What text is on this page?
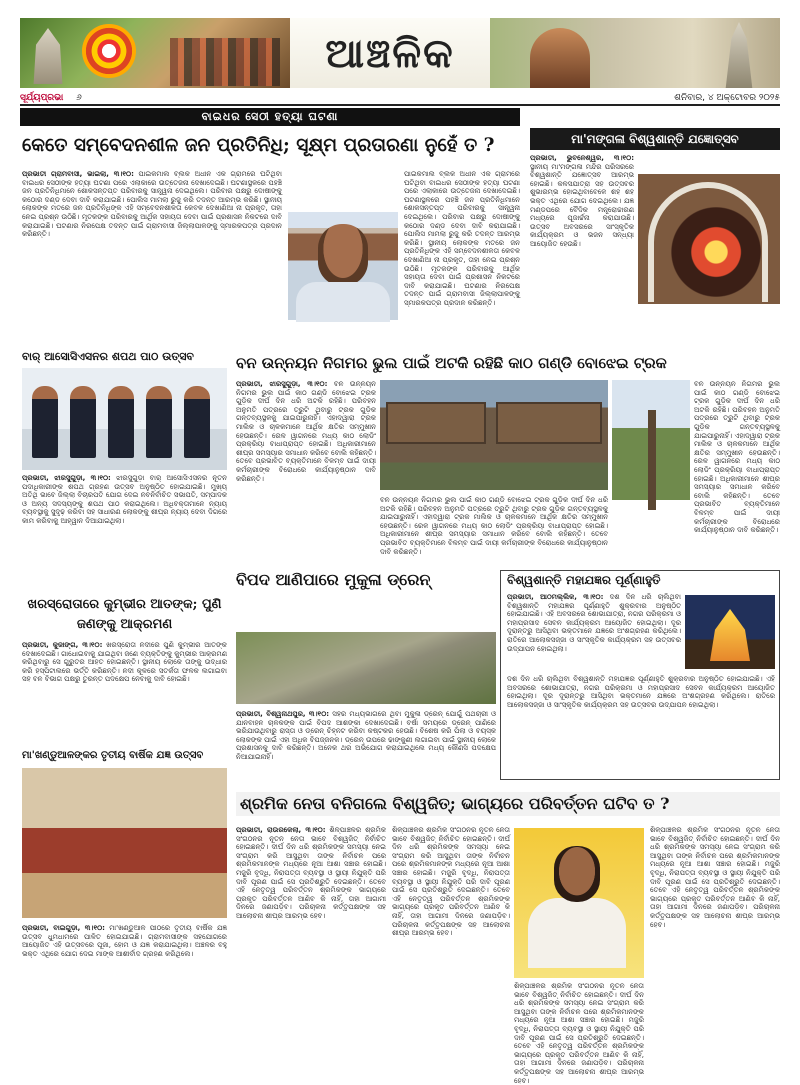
ଆଞ୍ଚଳିକ
ସୂର୍ଯ୍ୟପ୍ରଭା ୬	ଶନିବାର, ୪ ଅକ୍ଟୋବର ୨୦୨୫
ବାଇଧର ସେଠୀ ହତ୍ୟା ଘଟଣା
କେତେ ସମ୍ବେଦନଶୀଳ ଜନ ପ୍ରତିନିଧି; ସୂକ୍ଷ୍ମ ପ୍ରତାରଣା ନୁହେଁ ତ ?
ପ୍ରଭାତୀ ଗ୍ରାମବାସୀ, ଭାଇଲା, ୩।୧୦: ପାଇକମାଲ ବ୍ଲକ ଅଧୀନ ଏକ ଗ୍ରାମରେ ଘଟିଥିବା ବାଇଧର ସେଠୀଙ୍କ ହତ୍ୟା ଘଟଣା ପରେ ଏଲାକାରେ ଉତ୍ତେଜନା ଦେଖାଦେଇଛି। ଘଟଣାସ୍ଥଳରେ ପହଞ୍ଚି ଜନ ପ୍ରତିନିଧିମାନେ ଶୋକସନ୍ତପ୍ତ ପରିବାରକୁ ସାନ୍ତ୍ୱନା ଦେଇଥିଲେ। ପରିବାର ପକ୍ଷରୁ ଦୋଷୀଙ୍କୁ କଠୋର ଦଣ୍ଡ ଦେବା ଦାବି କରାଯାଇଛି। ପୋଲିସ ମାମଲା ରୁଜୁ କରି ତଦନ୍ତ ଆରମ୍ଭ କରିଛି। ସ୍ଥାନୀୟ ଲୋକଙ୍କ ମତରେ ଜନ ପ୍ରତିନିଧିଙ୍କ ଏହି ସମ୍ବେଦନଶୀଳତା କେବଳ ଦେଖାଣିଆ ନା ପ୍ରକୃତ, ତାହା ନେଇ ପ୍ରଶ୍ନ ଉଠିଛି। ମୃତକଙ୍କ ପରିବାରକୁ ଆର୍ଥିକ ସହାୟତା ଦେବା ପାଇଁ ପ୍ରଶାସନ ନିକଟରେ ଦାବି କରାଯାଇଛି। ଘଟଣାର ନିରପେକ୍ଷ ତଦନ୍ତ ପାଇଁ ଗ୍ରାମବାସୀ ଜିଲ୍ଲାପାଳଙ୍କୁ ସ୍ମାରକପତ୍ର ପ୍ରଦାନ କରିଛନ୍ତି।
ପାଇକମାଲ ବ୍ଲକ ଅଧୀନ ଏକ ଗ୍ରାମରେ ଘଟିଥିବା ବାଇଧର ସେଠୀଙ୍କ ହତ୍ୟା ଘଟଣା ପରେ ଏଲାକାରେ ଉତ୍ତେଜନା ଦେଖାଦେଇଛି। ଘଟଣାସ୍ଥଳରେ ପହଞ୍ଚି ଜନ ପ୍ରତିନିଧିମାନେ ଶୋକସନ୍ତପ୍ତ ପରିବାରକୁ ସାନ୍ତ୍ୱନା ଦେଇଥିଲେ। ପରିବାର ପକ୍ଷରୁ ଦୋଷୀଙ୍କୁ କଠୋର ଦଣ୍ଡ ଦେବା ଦାବି କରାଯାଇଛି। ପୋଲିସ ମାମଲା ରୁଜୁ କରି ତଦନ୍ତ ଆରମ୍ଭ କରିଛି। ସ୍ଥାନୀୟ ଲୋକଙ୍କ ମତରେ ଜନ ପ୍ରତିନିଧିଙ୍କ ଏହି ସମ୍ବେଦନଶୀଳତା କେବଳ ଦେଖାଣିଆ ନା ପ୍ରକୃତ, ତାହା ନେଇ ପ୍ରଶ୍ନ ଉଠିଛି। ମୃତକଙ୍କ ପରିବାରକୁ ଆର୍ଥିକ ସହାୟତା ଦେବା ପାଇଁ ପ୍ରଶାସନ ନିକଟରେ ଦାବି କରାଯାଇଛି। ଘଟଣାର ନିରପେକ୍ଷ ତଦନ୍ତ ପାଇଁ ଗ୍ରାମବାସୀ ଜିଲ୍ଲାପାଳଙ୍କୁ ସ୍ମାରକପତ୍ର ପ୍ରଦାନ କରିଛନ୍ତି।
ମା'ମଙ୍ଗଳା ବିଶ୍ୱଶାନ୍ତି ଯଜ୍ଞୋତ୍ସବ
ପ୍ରଭାତୀ, ଭୁବନେଶ୍ୱର, ୩।୧୦: ସ୍ଥାନୀୟ ମା'ମଙ୍ଗଳା ମନ୍ଦିର ପରିସରରେ ବିଶ୍ୱଶାନ୍ତି ଯଜ୍ଞୋତ୍ସବ ଆରମ୍ଭ ହୋଇଛି। କଳସଯାତ୍ରା ସହ ଉତ୍ସବର ଶୁଭାରମ୍ଭ ହୋଇଥିବାବେଳେ ଶହ ଶହ ଭକ୍ତ ଏଥିରେ ଯୋଗ ଦେଇଥିଲେ। ଯଜ୍ଞ ମଣ୍ଡପରେ ବୈଦିକ ମନ୍ତ୍ରୋଚ୍ଚାରଣ ମଧ୍ୟରେ ପୂଜାର୍ଚ୍ଚନା କରାଯାଉଛି। ଉତ୍ସବ ଅବସରରେ ସାଂସ୍କୃତିକ କାର୍ଯ୍ୟକ୍ରମ ଓ ଭଜନ ସନ୍ଧ୍ୟା ଆୟୋଜିତ ହେଉଛି।
ବାର୍ ଆସୋସିଏସନର ଶପଥ ପାଠ ଉତ୍ସବ
ପ୍ରଭାତୀ, ଝାରସୁଗୁଡ଼ା, ୩।୧୦: ଝାରସୁଗୁଡ଼ା ବାର୍ ଆସୋସିଏସନର ନୂତନ ପଦାଧିକାରୀଙ୍କ ଶପଥ ଗ୍ରହଣ ଉତ୍ସବ ଅନୁଷ୍ଠିତ ହୋଇଯାଇଛି। ମୁଖ୍ୟ ଅତିଥି ଭାବେ ଜିଲ୍ଲା ବିଚାରପତି ଯୋଗ ଦେଇ ନବନିର୍ବାଚିତ ସଭାପତି, ସମ୍ପାଦକ ଓ ଅନ୍ୟ ସଦସ୍ୟଙ୍କୁ ଶପଥ ପାଠ କରାଇଥିଲେ। ଅଧିବକ୍ତାମାନେ ନ୍ୟାୟ ବ୍ୟବସ୍ଥାକୁ ସୁଦୃଢ଼ କରିବା ସହ ସାଧାରଣ ଲୋକଙ୍କୁ ଶୀଘ୍ର ନ୍ୟାୟ ଦେବା ଦିଗରେ କାମ କରିବାକୁ ଆହ୍ୱାନ ଦିଆଯାଇଥିଲା।
ଖରସ୍ରୋତାରେ କୁମ୍ଭୀର ଆତଙ୍କ; ପୁଣି ଜଣଙ୍କୁ ଆକ୍ରମଣ
ପ୍ରଭାତୀ, କୁଜାଙ୍ଗ, ୩।୧୦: ଖରସ୍ରୋତା ନଦୀରେ ପୁଣି କୁମ୍ଭୀର ଆତଙ୍କ ଦେଖାଦେଇଛି। ଗାଧୋଇବାକୁ ଯାଇଥିବା ଜଣେ ବ୍ୟକ୍ତିଙ୍କୁ କୁମ୍ଭୀର ଆକ୍ରମଣ କରିଥିବାରୁ ସେ ଗୁରୁତର ଆହତ ହୋଇଛନ୍ତି। ସ୍ଥାନୀୟ ଲୋକେ ତାଙ୍କୁ ଉଦ୍ଧାର କରି ହସ୍ପିଟାଲରେ ଭର୍ତ୍ତି କରିଛନ୍ତି। ନଦୀ କୂଳରେ ସତର୍କତା ଫଳକ ଲଗାଇବା ସହ ବନ ବିଭାଗ ପକ୍ଷରୁ ତୁରନ୍ତ ପଦକ୍ଷେପ ନେବାକୁ ଦାବି ହୋଇଛି।
ମା'ଖଣ୍ଡୁଆଳଙ୍କର ତୃତୀୟ ବାର୍ଷିକ ଯଜ୍ଞ ଉତ୍ସବ
ପ୍ରଭାତୀ, ବାଇଗୁଡ଼ା, ୩।୧୦: ମା'ଖଣ୍ଡୁଆଳ ପୀଠରେ ତୃତୀୟ ବାର୍ଷିକ ଯଜ୍ଞ ଉତ୍ସବ ଧୁମଧାମରେ ପାଳିତ ହୋଇଯାଇଛି। ଗ୍ରାମବାସୀଙ୍କ ସହଯୋଗରେ ଆୟୋଜିତ ଏହି ଉତ୍ସବରେ ପୂଜା, ହୋମ ଓ ଯଜ୍ଞ କରାଯାଇଥିଲା। ଅଞ୍ଚଳର ବହୁ ଭକ୍ତ ଏଥିରେ ଯୋଗ ଦେଇ ମାଙ୍କ ଆଶୀର୍ବାଦ ଗ୍ରହଣ କରିଥିଲେ।
ବନ ଉନ୍ନୟନ ନିଗମର ଭୁଲ ପାଇଁ ଅଟକି ରହିଛି କାଠ ଗଣ୍ଡି ବୋଝେଇ ଟ୍ରକ
ପ୍ରଭାତୀ, ଝାରସୁଗୁଡ଼ା, ୩।୧୦: ବନ ଉନ୍ନୟନ ନିଗମର ଭୁଲ ପାଇଁ କାଠ ଗଣ୍ଡି ବୋଝେଇ ଟ୍ରକ ଗୁଡ଼ିକ ଦୀର୍ଘ ଦିନ ଧରି ଅଟକି ରହିଛି। ପରିବହନ ଅନୁମତି ପତ୍ରରେ ତ୍ରୁଟି ଥିବାରୁ ଟ୍ରକ ଗୁଡ଼ିକ ଗନ୍ତବ୍ୟସ୍ଥଳକୁ ଯାଇପାରୁନାହିଁ। ଏହାଦ୍ୱାରା ଟ୍ରକ ମାଲିକ ଓ ଚାଳକମାନେ ଆର୍ଥିକ କ୍ଷତିର ସମ୍ମୁଖୀନ ହେଉଛନ୍ତି। ରେଳ ୱାଗନରେ ମଧ୍ୟ କାଠ ଲୋଡିଂ ପ୍ରକ୍ରିୟା ବାଧାପ୍ରାପ୍ତ ହୋଇଛି। ଅଧିକାରୀମାନେ ଶୀଘ୍ର ସମସ୍ୟାର ସମାଧାନ କରିବେ ବୋଲି କହିଛନ୍ତି। ତେବେ ପ୍ରଭାବିତ ବ୍ୟକ୍ତିମାନେ ବିଳମ୍ବ ପାଇଁ ଦାୟୀ କର୍ମଚାରୀଙ୍କ ବିରୋଧରେ କାର୍ଯ୍ୟାନୁଷ୍ଠାନ ଦାବି କରିଛନ୍ତି।
ବନ ଉନ୍ନୟନ ନିଗମର ଭୁଲ ପାଇଁ କାଠ ଗଣ୍ଡି ବୋଝେଇ ଟ୍ରକ ଗୁଡ଼ିକ ଦୀର୍ଘ ଦିନ ଧରି ଅଟକି ରହିଛି। ପରିବହନ ଅନୁମତି ପତ୍ରରେ ତ୍ରୁଟି ଥିବାରୁ ଟ୍ରକ ଗୁଡ଼ିକ ଗନ୍ତବ୍ୟସ୍ଥଳକୁ ଯାଇପାରୁନାହିଁ। ଏହାଦ୍ୱାରା ଟ୍ରକ ମାଲିକ ଓ ଚାଳକମାନେ ଆର୍ଥିକ କ୍ଷତିର ସମ୍ମୁଖୀନ ହେଉଛନ୍ତି। ରେଳ ୱାଗନରେ ମଧ୍ୟ କାଠ ଲୋଡିଂ ପ୍ରକ୍ରିୟା ବାଧାପ୍ରାପ୍ତ ହୋଇଛି। ଅଧିକାରୀମାନେ ଶୀଘ୍ର ସମସ୍ୟାର ସମାଧାନ କରିବେ ବୋଲି କହିଛନ୍ତି। ତେବେ ପ୍ରଭାବିତ ବ୍ୟକ୍ତିମାନେ ବିଳମ୍ବ ପାଇଁ ଦାୟୀ କର୍ମଚାରୀଙ୍କ ବିରୋଧରେ କାର୍ଯ୍ୟାନୁଷ୍ଠାନ ଦାବି କରିଛନ୍ତି।
ବନ ଉନ୍ନୟନ ନିଗମର ଭୁଲ ପାଇଁ କାଠ ଗଣ୍ଡି ବୋଝେଇ ଟ୍ରକ ଗୁଡ଼ିକ ଦୀର୍ଘ ଦିନ ଧରି ଅଟକି ରହିଛି। ପରିବହନ ଅନୁମତି ପତ୍ରରେ ତ୍ରୁଟି ଥିବାରୁ ଟ୍ରକ ଗୁଡ଼ିକ ଗନ୍ତବ୍ୟସ୍ଥଳକୁ ଯାଇପାରୁନାହିଁ। ଏହାଦ୍ୱାରା ଟ୍ରକ ମାଲିକ ଓ ଚାଳକମାନେ ଆର୍ଥିକ କ୍ଷତିର ସମ୍ମୁଖୀନ ହେଉଛନ୍ତି। ରେଳ ୱାଗନରେ ମଧ୍ୟ କାଠ ଲୋଡିଂ ପ୍ରକ୍ରିୟା ବାଧାପ୍ରାପ୍ତ ହୋଇଛି। ଅଧିକାରୀମାନେ ଶୀଘ୍ର ସମସ୍ୟାର ସମାଧାନ କରିବେ ବୋଲି କହିଛନ୍ତି। ତେବେ ପ୍ରଭାବିତ ବ୍ୟକ୍ତିମାନେ ବିଳମ୍ବ ପାଇଁ ଦାୟୀ କର୍ମଚାରୀଙ୍କ ବିରୋଧରେ କାର୍ଯ୍ୟାନୁଷ୍ଠାନ ଦାବି କରିଛନ୍ତି।
ବିପଦ ଆଣିପାରେ ମୁକୁଳା ଡ୍ରେନ୍
ପ୍ରଭାତୀ, ବିଶ୍ୱନାଥପୁର, ୩।୧୦: ସହର ମଧ୍ୟଭାଗରେ ଥିବା ମୁକୁଳା ଡ୍ରେନ୍ ଯୋଗୁଁ ପଥଚାରୀ ଓ ଯାନବାହନ ଚାଳକଙ୍କ ପାଇଁ ବିପଦ ଆଶଙ୍କା ଦେଖାଦେଇଛି। ବର୍ଷା ସମୟରେ ଡ୍ରେନ୍ ପାଣିରେ ଭରିଯାଉଥିବାରୁ ରାସ୍ତା ଓ ଡ୍ରେନ୍ ଚିହ୍ନଟ କରିବା କଷ୍ଟକର ହେଉଛି। ବିଶେଷ କରି ପିଲା ଓ ବୟସ୍କ ଲୋକଙ୍କ ପାଇଁ ଏହା ଅଧିକ ବିପଜ୍ଜନକ। ଡ୍ରେନ୍ ଉପରେ ଢାଙ୍କୁଣୀ ଲଗାଇବା ପାଇଁ ସ୍ଥାନୀୟ ଲୋକେ ପ୍ରଶାସନକୁ ଦାବି କରିଛନ୍ତି। ଅନେକ ଥର ଅଭିଯୋଗ କରାଯାଇଥିଲେ ମଧ୍ୟ କୌଣସି ପଦକ୍ଷେପ ନିଆଯାଇନାହିଁ।
ବିଶ୍ୱଶାନ୍ତି ମହାଯଜ୍ଞର ପୂର୍ଣ୍ଣାହୁତି
ପ୍ରଭାତୀ, ଆଠମଲ୍ଲିକ, ୩।୧୦: ଦଶ ଦିନ ଧରି ଚାଲିଥିବା ବିଶ୍ୱଶାନ୍ତି ମହାଯଜ୍ଞର ପୂର୍ଣ୍ଣାହୁତି ଶୁକ୍ରବାର ଅନୁଷ୍ଠିତ ହୋଇଯାଇଛି। ଏହି ଅବସରରେ ଶୋଭାଯାତ୍ରା, ନଗର ପରିକ୍ରମା ଓ ମହାପ୍ରସାଦ ସେବନ କାର୍ଯ୍ୟକ୍ରମ ଆୟୋଜିତ ହୋଇଥିଲା। ଦୂର ଦୂରାନ୍ତରୁ ଆସିଥିବା ଭକ୍ତମାନେ ଯଜ୍ଞରେ ଅଂଶଗ୍ରହଣ କରିଥିଲେ। ରାତିରେ ଆଲୋକସଜ୍ଜା ଓ ସାଂସ୍କୃତିକ କାର୍ଯ୍ୟକ୍ରମ ସହ ଉତ୍ସବର ଉଦ୍ଯାପନ ହୋଇଥିଲା।
ଦଶ ଦିନ ଧରି ଚାଲିଥିବା ବିଶ୍ୱଶାନ୍ତି ମହାଯଜ୍ଞର ପୂର୍ଣ୍ଣାହୁତି ଶୁକ୍ରବାର ଅନୁଷ୍ଠିତ ହୋଇଯାଇଛି। ଏହି ଅବସରରେ ଶୋଭାଯାତ୍ରା, ନଗର ପରିକ୍ରମା ଓ ମହାପ୍ରସାଦ ସେବନ କାର୍ଯ୍ୟକ୍ରମ ଆୟୋଜିତ ହୋଇଥିଲା। ଦୂର ଦୂରାନ୍ତରୁ ଆସିଥିବା ଭକ୍ତମାନେ ଯଜ୍ଞରେ ଅଂଶଗ୍ରହଣ କରିଥିଲେ। ରାତିରେ ଆଲୋକସଜ୍ଜା ଓ ସାଂସ୍କୃତିକ କାର୍ଯ୍ୟକ୍ରମ ସହ ଉତ୍ସବର ଉଦ୍ଯାପନ ହୋଇଥିଲା।
ଶ୍ରମିକ ନେତା ବନିଗଲେ ବିଶ୍ୱଜିତ୍; ଭାଗ୍ୟରେ ପରିବର୍ତ୍ତନ ଘଟିବ ତ ?
ପ୍ରଭାତୀ, ରାଉରକେଲା, ୩।୧୦: ଶିଳ୍ପାଞ୍ଚଳର ଶ୍ରମିକ ସଂଗଠନର ନୂତନ ନେତା ଭାବେ ବିଶ୍ୱଜିତ୍ ନିର୍ବାଚିତ ହୋଇଛନ୍ତି। ଦୀର୍ଘ ଦିନ ଧରି ଶ୍ରମିକଙ୍କ ସମସ୍ୟା ନେଇ ସଂଗ୍ରାମ କରି ଆସୁଥିବା ତାଙ୍କ ନିର୍ବାଚନ ପରେ ଶ୍ରମିକମାନଙ୍କ ମଧ୍ୟରେ ନୂଆ ଆଶା ସଞ୍ଚାର ହୋଇଛି। ମଜୁରି ବୃଦ୍ଧି, ନିରାପତ୍ତା ବ୍ୟବସ୍ଥା ଓ ସ୍ଥାୟୀ ନିଯୁକ୍ତି ପରି ଦାବି ପୂରଣ ପାଇଁ ସେ ପ୍ରତିଶ୍ରୁତି ଦେଇଛନ୍ତି। ତେବେ ଏହି ନେତୃତ୍ୱ ପରିବର୍ତ୍ତନ ଶ୍ରମିକଙ୍କ ଭାଗ୍ୟରେ ପ୍ରକୃତ ପରିବର୍ତ୍ତନ ଆଣିବ କି ନାହିଁ, ତାହା ଆଗାମୀ ଦିନରେ ଜଣାପଡ଼ିବ। ପରିଚାଳନା କର୍ତ୍ତୃପକ୍ଷଙ୍କ ସହ ଆଲୋଚନା ଶୀଘ୍ର ଆରମ୍ଭ ହେବ।
ଶିଳ୍ପାଞ୍ଚଳର ଶ୍ରମିକ ସଂଗଠନର ନୂତନ ନେତା ଭାବେ ବିଶ୍ୱଜିତ୍ ନିର୍ବାଚିତ ହୋଇଛନ୍ତି। ଦୀର୍ଘ ଦିନ ଧରି ଶ୍ରମିକଙ୍କ ସମସ୍ୟା ନେଇ ସଂଗ୍ରାମ କରି ଆସୁଥିବା ତାଙ୍କ ନିର୍ବାଚନ ପରେ ଶ୍ରମିକମାନଙ୍କ ମଧ୍ୟରେ ନୂଆ ଆଶା ସଞ୍ଚାର ହୋଇଛି। ମଜୁରି ବୃଦ୍ଧି, ନିରାପତ୍ତା ବ୍ୟବସ୍ଥା ଓ ସ୍ଥାୟୀ ନିଯୁକ୍ତି ପରି ଦାବି ପୂରଣ ପାଇଁ ସେ ପ୍ରତିଶ୍ରୁତି ଦେଇଛନ୍ତି। ତେବେ ଏହି ନେତୃତ୍ୱ ପରିବର୍ତ୍ତନ ଶ୍ରମିକଙ୍କ ଭାଗ୍ୟରେ ପ୍ରକୃତ ପରିବର୍ତ୍ତନ ଆଣିବ କି ନାହିଁ, ତାହା ଆଗାମୀ ଦିନରେ ଜଣାପଡ଼ିବ। ପରିଚାଳନା କର୍ତ୍ତୃପକ୍ଷଙ୍କ ସହ ଆଲୋଚନା ଶୀଘ୍ର ଆରମ୍ଭ ହେବ।
ଶିଳ୍ପାଞ୍ଚଳର ଶ୍ରମିକ ସଂଗଠନର ନୂତନ ନେତା ଭାବେ ବିଶ୍ୱଜିତ୍ ନିର୍ବାଚିତ ହୋଇଛନ୍ତି। ଦୀର୍ଘ ଦିନ ଧରି ଶ୍ରମିକଙ୍କ ସମସ୍ୟା ନେଇ ସଂଗ୍ରାମ କରି ଆସୁଥିବା ତାଙ୍କ ନିର୍ବାଚନ ପରେ ଶ୍ରମିକମାନଙ୍କ ମଧ୍ୟରେ ନୂଆ ଆଶା ସଞ୍ଚାର ହୋଇଛି। ମଜୁରି ବୃଦ୍ଧି, ନିରାପତ୍ତା ବ୍ୟବସ୍ଥା ଓ ସ୍ଥାୟୀ ନିଯୁକ୍ତି ପରି ଦାବି ପୂରଣ ପାଇଁ ସେ ପ୍ରତିଶ୍ରୁତି ଦେଇଛନ୍ତି। ତେବେ ଏହି ନେତୃତ୍ୱ ପରିବର୍ତ୍ତନ ଶ୍ରମିକଙ୍କ ଭାଗ୍ୟରେ ପ୍ରକୃତ ପରିବର୍ତ୍ତନ ଆଣିବ କି ନାହିଁ, ତାହା ଆଗାମୀ ଦିନରେ ଜଣାପଡ଼ିବ। ପରିଚାଳନା କର୍ତ୍ତୃପକ୍ଷଙ୍କ ସହ ଆଲୋଚନା ଶୀଘ୍ର ଆରମ୍ଭ ହେବ।
ଶିଳ୍ପାଞ୍ଚଳର ଶ୍ରମିକ ସଂଗଠନର ନୂତନ ନେତା ଭାବେ ବିଶ୍ୱଜିତ୍ ନିର୍ବାଚିତ ହୋଇଛନ୍ତି। ଦୀର୍ଘ ଦିନ ଧରି ଶ୍ରମିକଙ୍କ ସମସ୍ୟା ନେଇ ସଂଗ୍ରାମ କରି ଆସୁଥିବା ତାଙ୍କ ନିର୍ବାଚନ ପରେ ଶ୍ରମିକମାନଙ୍କ ମଧ୍ୟରେ ନୂଆ ଆଶା ସଞ୍ଚାର ହୋଇଛି। ମଜୁରି ବୃଦ୍ଧି, ନିରାପତ୍ତା ବ୍ୟବସ୍ଥା ଓ ସ୍ଥାୟୀ ନିଯୁକ୍ତି ପରି ଦାବି ପୂରଣ ପାଇଁ ସେ ପ୍ରତିଶ୍ରୁତି ଦେଇଛନ୍ତି। ତେବେ ଏହି ନେତୃତ୍ୱ ପରିବର୍ତ୍ତନ ଶ୍ରମିକଙ୍କ ଭାଗ୍ୟରେ ପ୍ରକୃତ ପରିବର୍ତ୍ତନ ଆଣିବ କି ନାହିଁ, ତାହା ଆଗାମୀ ଦିନରେ ଜଣାପଡ଼ିବ। ପରିଚାଳନା କର୍ତ୍ତୃପକ୍ଷଙ୍କ ସହ ଆଲୋଚନା ଶୀଘ୍ର ଆରମ୍ଭ ହେବ।
